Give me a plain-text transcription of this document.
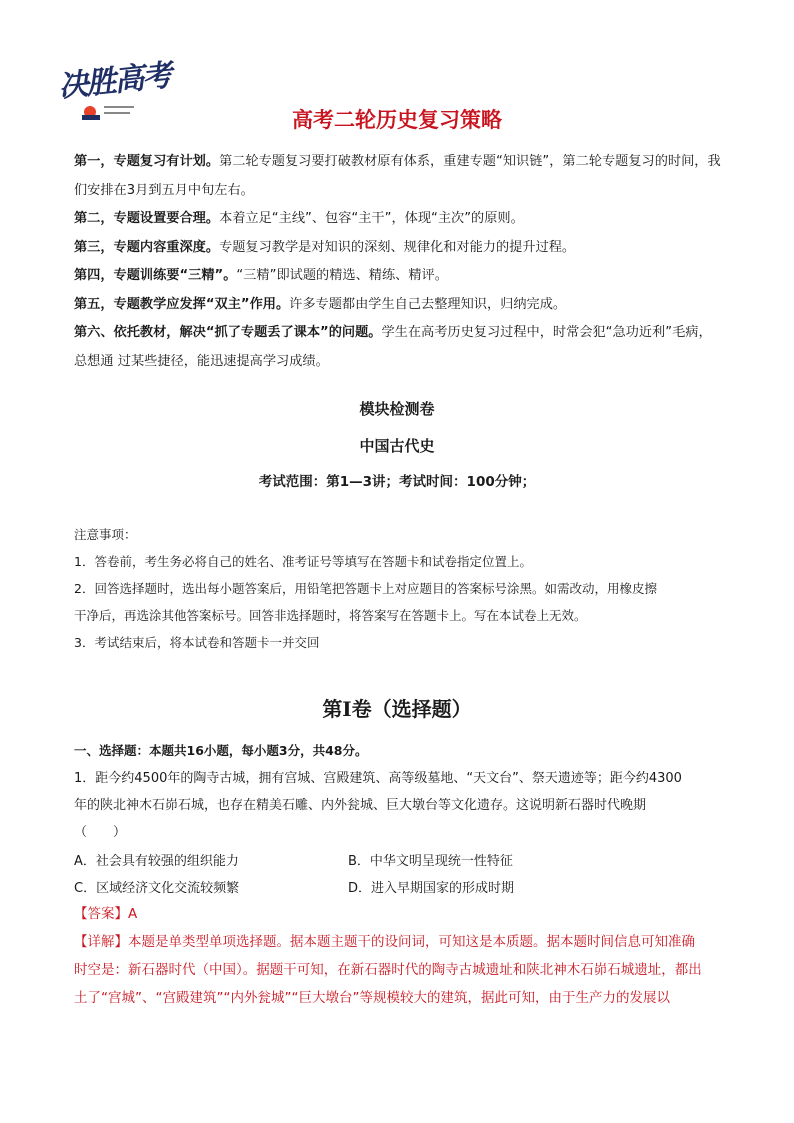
决胜高考
高考二轮历史复习策略
第一，专题复习有计划。第二轮专题复习要打破教材原有体系，重建专题“知识链”，第二轮专题复习的时间，我们安排在3月到五月中旬左右。
第二，专题设置要合理。本着立足“主线”、包容“主干”，体现“主次”的原则。
第三，专题内容重深度。专题复习教学是对知识的深刻、规律化和对能力的提升过程。
第四，专题训练要“三精”。“三精”即试题的精选、精练、精评。
第五，专题教学应发挥“双主”作用。许多专题都由学生自己去整理知识，归纳完成。
第六、依托教材，解决“抓了专题丢了课本”的问题。学生在高考历史复习过程中，时常会犯“急功近利”毛病，总想通 过某些捷径，能迅速提高学习成绩。
模块检测卷
中国古代史
考试范围：第1—3讲；考试时间：100分钟；
注意事项：
1．答卷前，考生务必将自己的姓名、准考证号等填写在答题卡和试卷指定位置上。
2．回答选择题时，选出每小题答案后，用铅笔把答题卡上对应题目的答案标号涂黑。如需改动，用橡皮擦
干净后，再选涂其他答案标号。回答非选择题时，将答案写在答题卡上。写在本试卷上无效。
3．考试结束后，将本试卷和答题卡一并交回
第I卷（选择题）
一、选择题：本题共16小题，每小题3分，共48分。
1．距今约4500年的陶寺古城，拥有宫城、宫殿建筑、高等级墓地、“天文台”、祭天遗迹等；距今约4300
年的陕北神木石峁石城，也存在精美石雕、内外瓮城、巨大墩台等文化遗存。这说明新石器时代晚期
（　　）
A．社会具有较强的组织能力	B．中华文明呈现统一性特征
C．区域经济文化交流较频繁	D．进入早期国家的形成时期
【答案】A
【详解】本题是单类型单项选择题。据本题主题干的设问词，可知这是本质题。据本题时间信息可知准确
时空是：新石器时代（中国）。据题干可知，在新石器时代的陶寺古城遗址和陕北神木石峁石城遗址，都出
土了“宫城”、“宫殿建筑”“内外瓮城”“巨大墩台”等规模较大的建筑，据此可知，由于生产力的发展以
